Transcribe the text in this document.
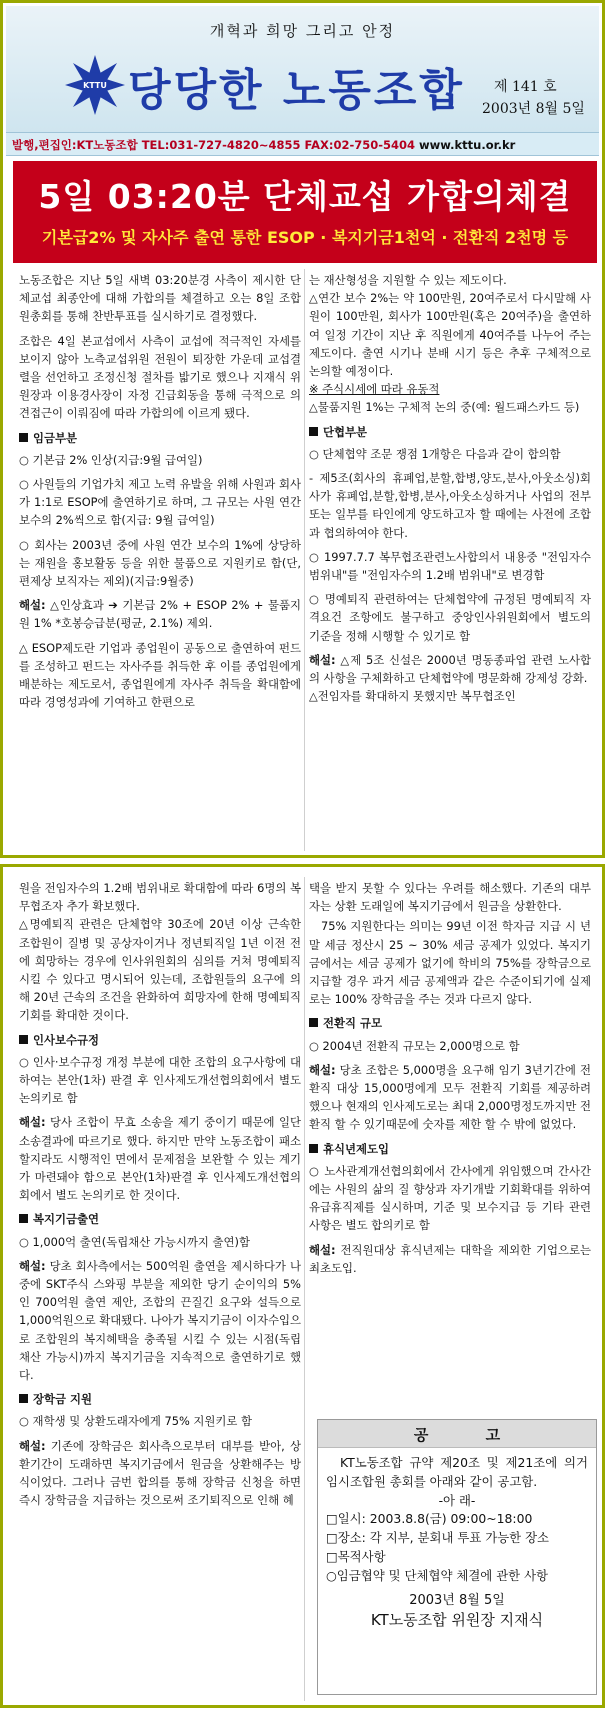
개혁과 희망 그리고 안정
KTTU 당당한 노동조합 제 141 호
2003년 8월 5일
발행,편집인:KT노동조합 TEL:031-727-4820~4855 FAX:02-750-5404 www.kttu.or.kr
5일 03:20분 단체교섭 가합의체결
기본급2% 및 자사주 출연 통한 ESOP · 복지기금1천억 · 전환직 2천명 등

노동조합은 지난 5일 새벽 03:20분경 사측이 제시한 단체교섭 최종안에 대해 가합의를 체결하고 오는 8일 조합원총회를 통해 찬반투표를 실시하기로 결정했다.

조합은 4일 본교섭에서 사측이 교섭에 적극적인 자세를 보이지 않아 노측교섭위원 전원이 퇴장한 가운데 교섭결렬을 선언하고 조정신청 절차를 밟기로 했으나 지재식 위원장과 이용경사장이 자정 긴급회동을 통해 극적으로 의견접근이 이뤄짐에 따라 가합의에 이르게 됐다.

임금부분

○ 기본급 2% 인상(지급:9월 급여일)

○ 사원들의 기업가치 제고 노력 유발을 위해 사원과 회사가 1:1로 ESOP에 출연하기로 하며, 그 규모는 사원 연간 보수의 2%씩으로 함(지급: 9월 급여일)

○ 회사는 2003년 중에 사원 연간 보수의 1%에 상당하는 재원을 홍보활동 등을 위한 물품으로 지원키로 함(단, 편제상 보직자는 제외)(지급:9월중)

해설: △인상효과 ➔ 기본급 2% + ESOP 2% + 물품지원 1% *호봉승급분(평균, 2.1%) 제외.

△ ESOP제도란 기업과 종업원이 공동으로 출연하여 펀드를 조성하고 펀드는 자사주를 취득한 후 이를 종업원에게 배분하는 제도로서, 종업원에게 자사주 취득을 확대함에 따라 경영성과에 기여하고 한편으로

는 재산형성을 지원할 수 있는 제도이다.

△연간 보수 2%는 약 100만원, 20여주로서 다시말해 사원이 100만원, 회사가 100만원(혹은 20여주)을 출연하여 일정 기간이 지난 후 직원에게 40여주를 나누어 주는 제도이다. 출연 시기나 분배 시기 등은 추후 구체적으로 논의할 예정이다.

※ 주식시세에 따라 유동적

△물품지원 1%는 구체적 논의 중(예: 월드패스카드 등)

단협부분

○ 단체협약 조문 쟁점 1개항은 다음과 같이 합의함

- 제5조(회사의 휴폐업,분할,합병,양도,분사,아웃소싱)회사가 휴폐업,분할,합병,분사,아웃소싱하거나 사업의 전부 또는 일부를 타인에게 양도하고자 할 때에는 사전에 조합과 협의하여야 한다.

○ 1997.7.7 복무협조관련노사합의서 내용중 "전임자수 범위내"를 "전임자수의 1.2배 범위내"로 변경함

○ 명예퇴직 관련하여는 단체협약에 규정된 명예퇴직 자격요건 조항에도 불구하고 중앙인사위원회에서 별도의 기준을 정해 시행할 수 있기로 함

해설: △제 5조 신설은 2000년 명동종파업 관련 노사합의 사항을 구체화하고 단체협약에 명문화해 강제성 강화.

△전임자를 확대하지 못했지만 복무협조인

원을 전임자수의 1.2배 범위내로 확대함에 따라 6명의 복무협조자 추가 확보했다.

△명예퇴직 관련은 단체협약 30조에 20년 이상 근속한 조합원이 질병 및 공상자이거나 정년퇴직일 1년 이전 전에 희망하는 경우에 인사위원회의 심의를 거쳐 명예퇴직시킬 수 있다고 명시되어 있는데, 조합원들의 요구에 의해 20년 근속의 조건을 완화하여 희망자에 한해 명예퇴직 기회를 확대한 것이다.

인사보수규정

○ 인사·보수규정 개정 부분에 대한 조합의 요구사항에 대하여는 본안(1차) 판결 후 인사제도개선협의회에서 별도 논의키로 함

해설: 당사 조합이 무효 소송을 제기 중이기 때문에 일단 소송결과에 따르기로 했다. 하지만 만약 노동조합이 패소할지라도 시행적인 면에서 문제점을 보완할 수 있는 계기가 마련돼야 함으로 본안(1차)판결 후 인사제도개선협의회에서 별도 논의키로 한 것이다.

복지기금출연

○ 1,000억 출연(독립채산 가능시까지 출연)함

해설: 당초 회사측에서는 500억원 출연을 제시하다가 나중에 SKT주식 스와핑 부분을 제외한 당기 순이익의 5%인 700억원 출연 제안, 조합의 끈질긴 요구와 설득으로 1,000억원으로 확대됐다. 나아가 복지기금이 이자수입으로 조합원의 복지혜택을 충족될 시킬 수 있는 시점(독립채산 가능시)까지 복지기금을 지속적으로 출연하기로 했다.

장학금 지원

○ 재학생 및 상환도래자에게 75% 지원키로 함

해설: 기존에 장학금은 회사측으로부터 대부를 받아, 상환기간이 도래하면 복지기금에서 원금을 상환해주는 방식이었다. 그러나 금번 합의를 통해 장학금 신청을 하면 즉시 장학금을 지급하는 것으로써 조기퇴직으로 인해 혜

택을 받지 못할 수 있다는 우려를 해소했다. 기존의 대부자는 상환 도래일에 복지기금에서 원금을 상환한다.

75% 지원한다는 의미는 99년 이전 학자금 지급 시 년말 세금 정산시 25 ~ 30% 세금 공제가 있었다. 복지기금에서는 세금 공제가 없기에 학비의 75%를 장학금으로 지급할 경우 과거 세금 공제액과 같은 수준이되기에 실제로는 100% 장학금을 주는 것과 다르지 않다.

전환직 규모

○ 2004년 전환직 규모는 2,000명으로 함

해설: 당초 조합은 5,000명을 요구해 임기 3년기간에 전환직 대상 15,000명에게 모두 전환직 기회를 제공하려 했으나 현재의 인사제도로는 최대 2,000명정도까지만 전환직 할 수 있기때문에 숫자를 제한 할 수 밖에 없었다.

휴식년제도입

○ 노사관계개선협의회에서 간사에게 위임했으며 간사간에는 사원의 삶의 질 향상과 자기개발 기회확대를 위하여 유급휴직제를 실시하며, 기준 및 보수지급 등 기타 관련사항은 별도 합의키로 함

해설: 전직원대상 휴식년제는 대학을 제외한 기업으로는 최초도입.

공 고
KT노동조합 규약 제20조 및 제21조에 의거 임시조합원 총회를 아래와 같이 공고함.
-아 래-
□일시: 2003.8.8(금) 09:00~18:00
□장소: 각 지부, 분회내 투표 가능한 장소
□목적사항
○임금협약 및 단체협약 체결에 관한 사항
2003년 8월 5일
KT노동조합 위원장 지재식
